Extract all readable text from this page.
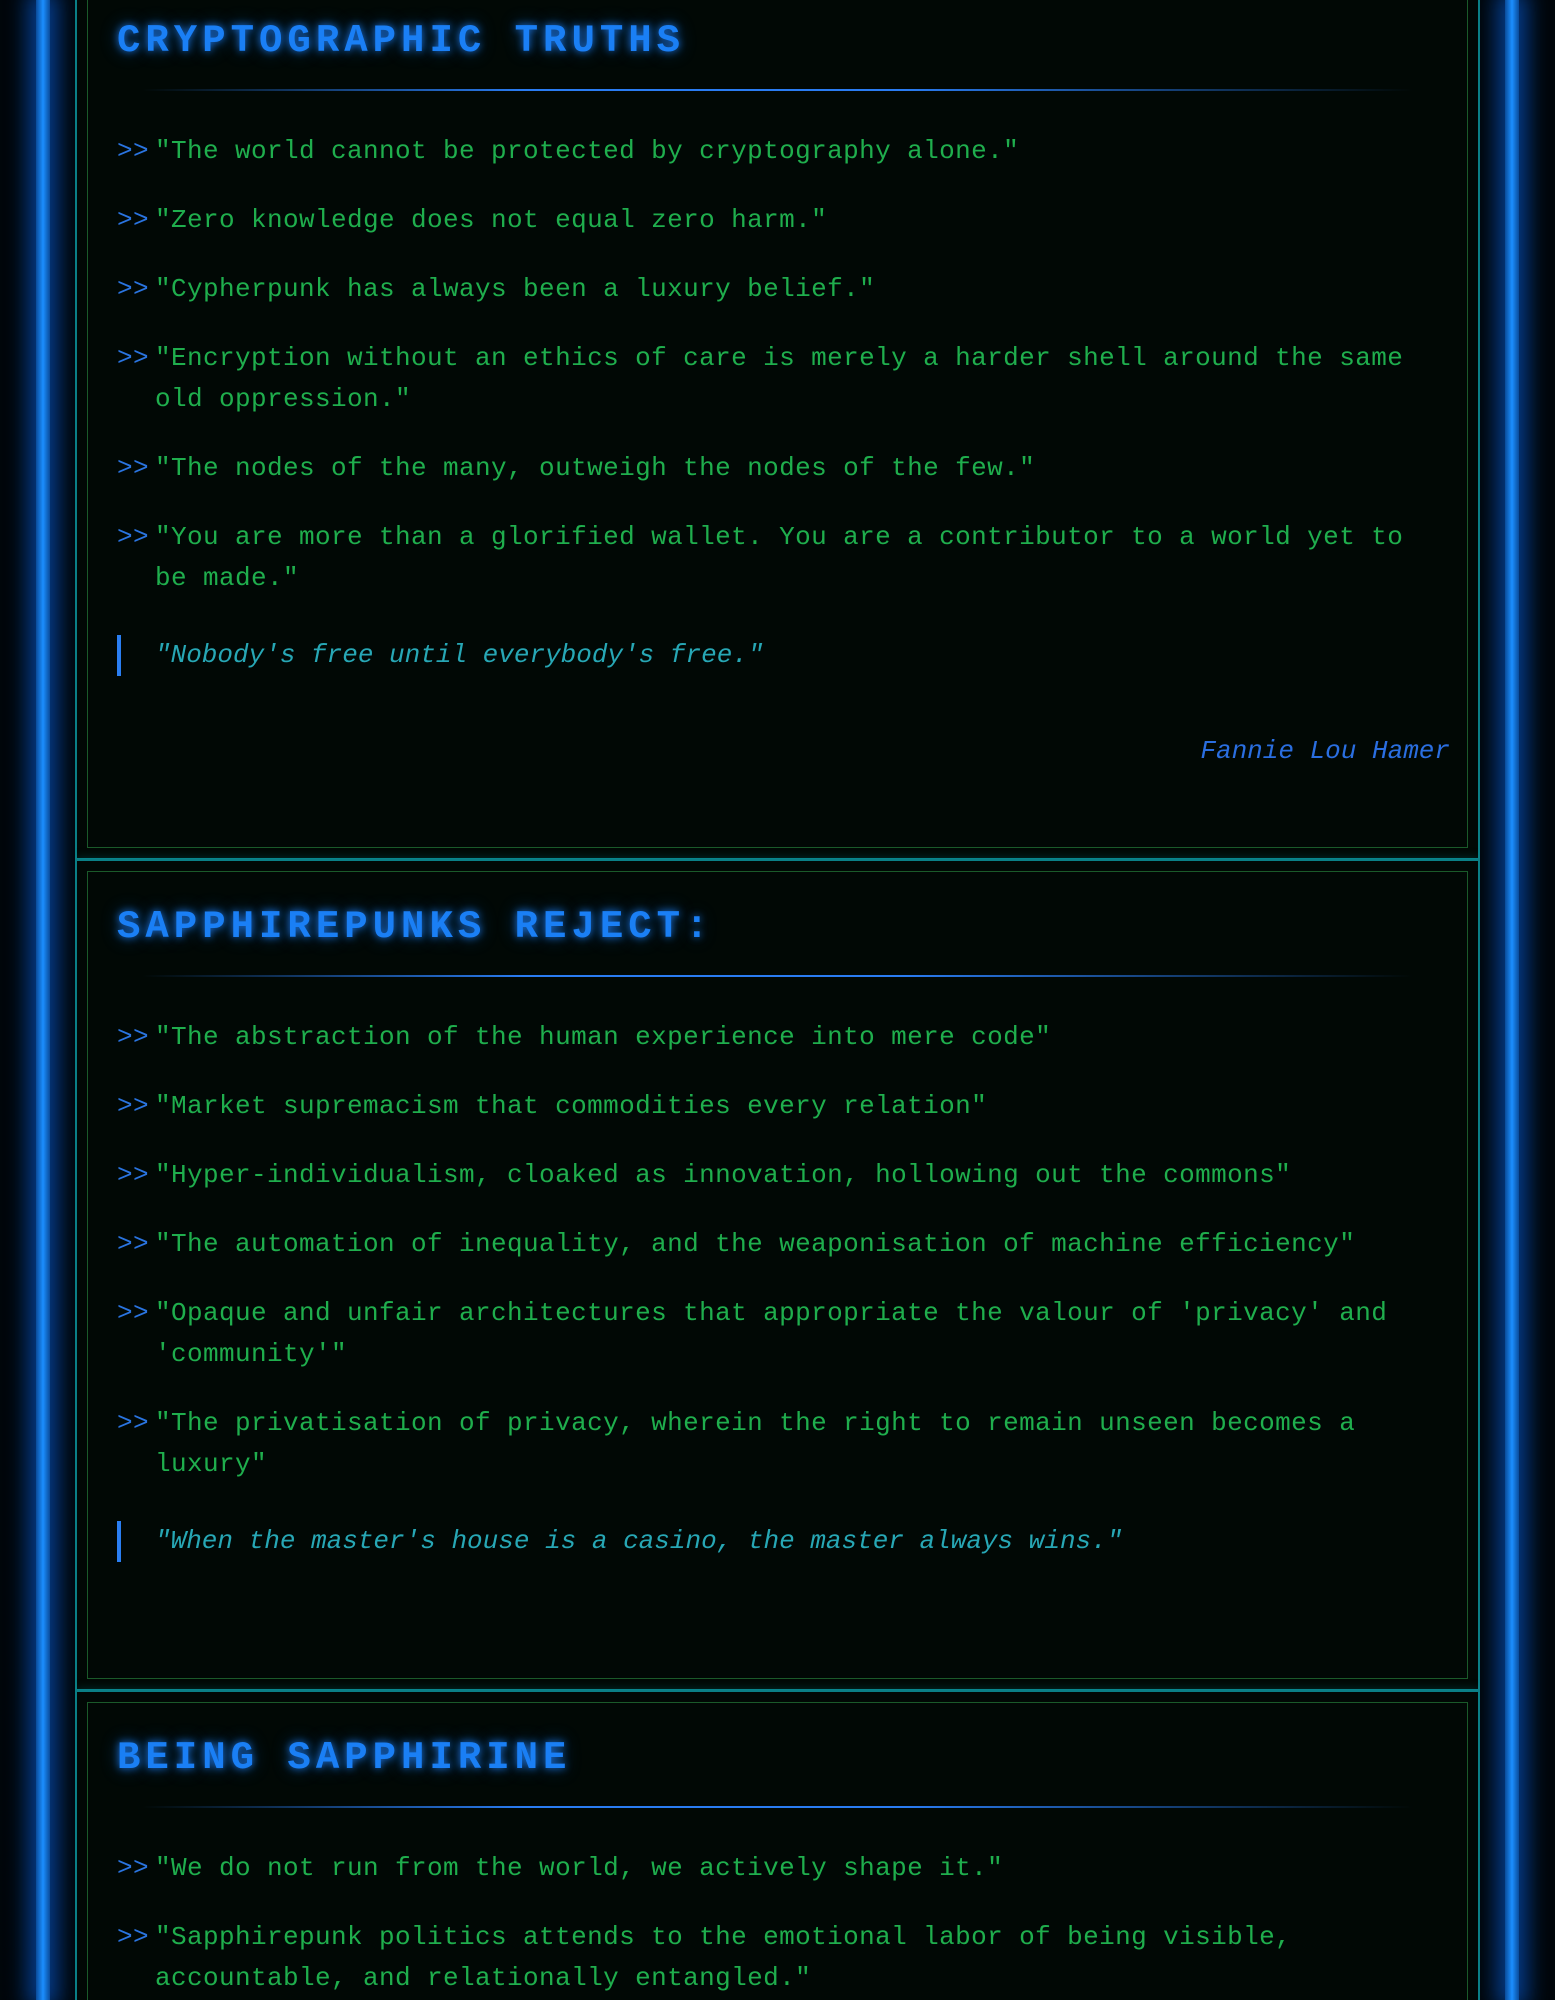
CRYPTOGRAPHIC TRUTHS
>> "The world cannot be protected by cryptography alone."
>> "Zero knowledge does not equal zero harm."
>> "Cypherpunk has always been a luxury belief."
>> "Encryption without an ethics of care is merely a harder shell around the same old oppression."
>> "The nodes of the many, outweigh the nodes of the few."
>> "You are more than a glorified wallet. You are a contributor to a world yet to be made."
"Nobody's free until everybody's free."
Fannie Lou Hamer
SAPPHIREPUNKS REJECT:
>> "The abstraction of the human experience into mere code"
>> "Market supremacism that commodities every relation"
>> "Hyper-individualism, cloaked as innovation, hollowing out the commons"
>> "The automation of inequality, and the weaponisation of machine efficiency"
>> "Opaque and unfair architectures that appropriate the valour of 'privacy' and 'community'"
>> "The privatisation of privacy, wherein the right to remain unseen becomes a luxury"
"When the master's house is a casino, the master always wins."
BEING SAPPHIRINE
>> "We do not run from the world, we actively shape it."
>> "Sapphirepunk politics attends to the emotional labor of being visible, accountable, and relationally entangled."
